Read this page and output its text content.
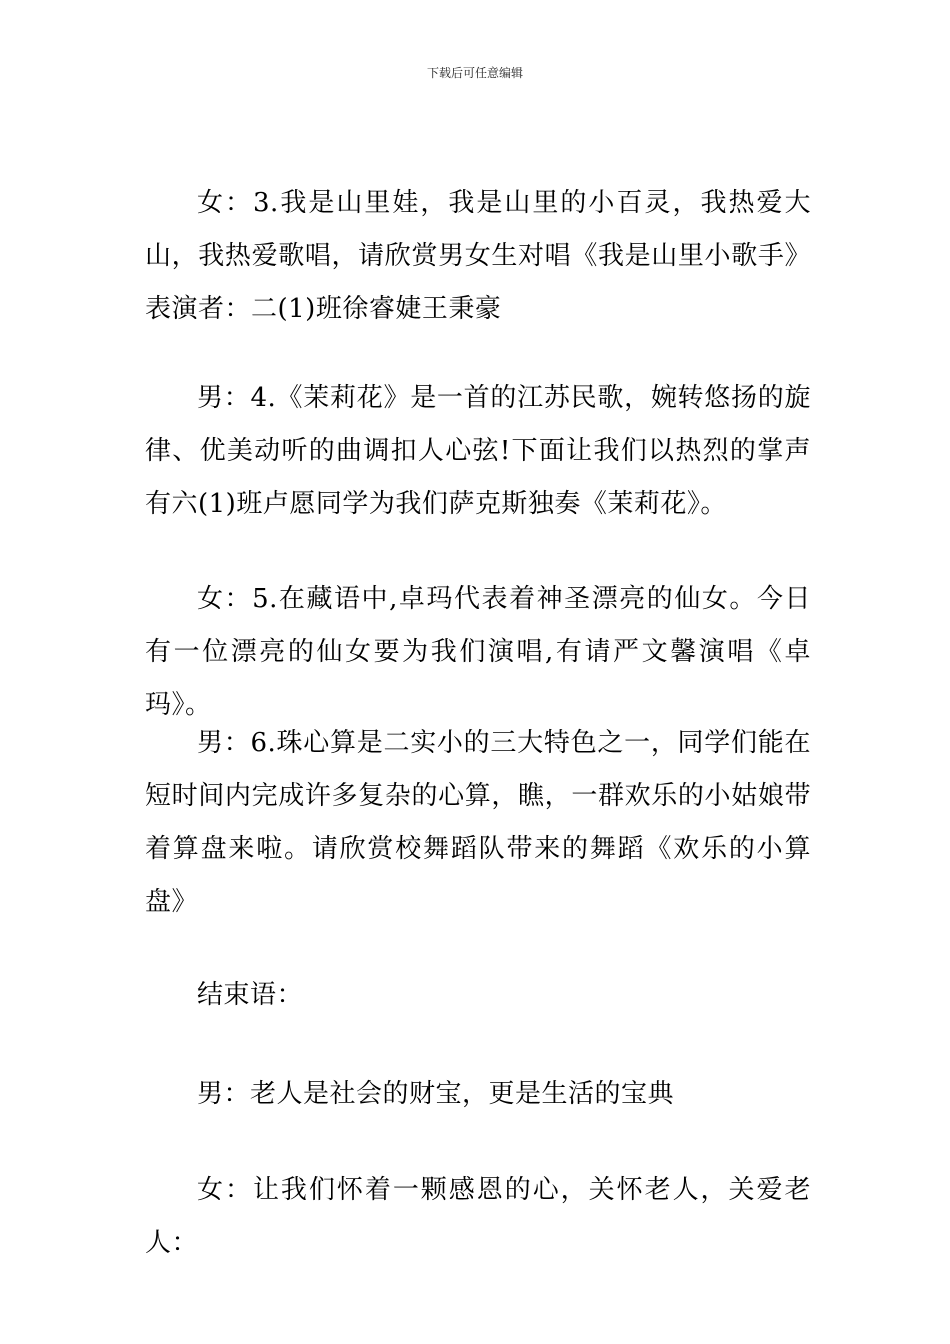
下载后可任意编辑

女：3.我是山里娃，我是山里的小百灵，我热爱大山，我热爱歌唱，请欣赏男女生对唱《我是山里小歌手》表演者：二(1)班徐睿婕王秉豪

男：4.《茉莉花》是一首的江苏民歌，婉转悠扬的旋律、优美动听的曲调扣人心弦!下面让我们以热烈的掌声有六(1)班卢愿同学为我们萨克斯独奏《茉莉花》。

女：5.在藏语中,卓玛代表着神圣漂亮的仙女。今日有一位漂亮的仙女要为我们演唱,有请严文馨演唱《卓玛》。

男：6.珠心算是二实小的三大特色之一，同学们能在短时间内完成许多复杂的心算，瞧，一群欢乐的小姑娘带着算盘来啦。请欣赏校舞蹈队带来的舞蹈《欢乐的小算盘》

结束语：

男：老人是社会的财宝，更是生活的宝典

女：让我们怀着一颗感恩的心，关怀老人，关爱老人：
